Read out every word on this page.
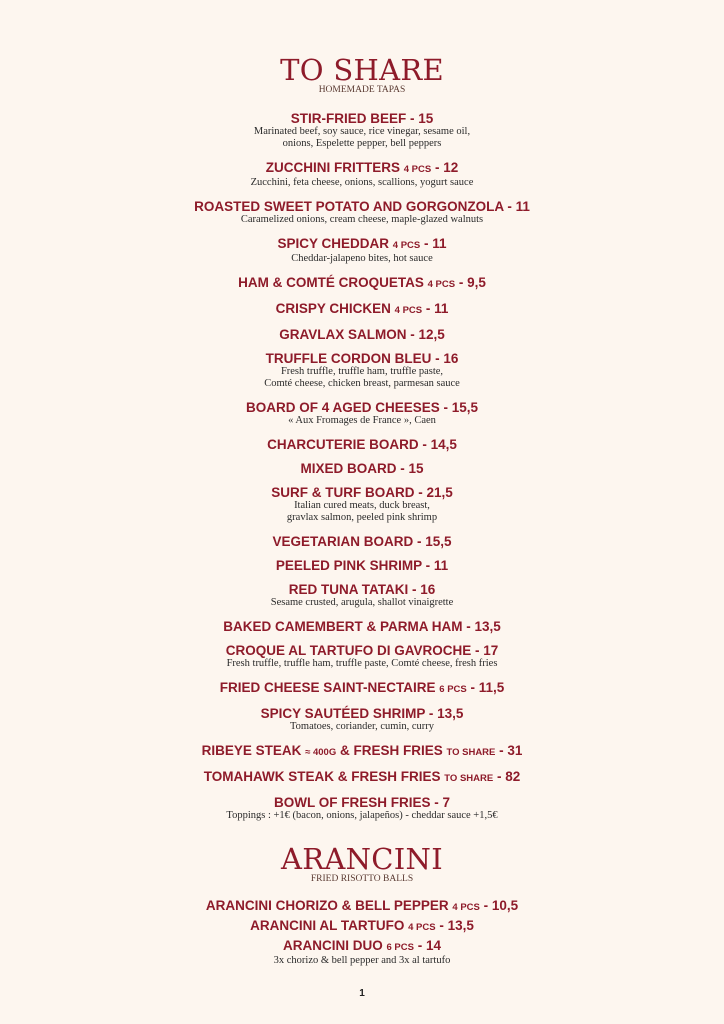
TO SHARE
HOMEMADE TAPAS
STIR-FRIED BEEF - 15
Marinated beef, soy sauce, rice vinegar, sesame oil,
onions, Espelette pepper, bell peppers
ZUCCHINI FRITTERS 4 PCS - 12
Zucchini, feta cheese, onions, scallions, yogurt sauce
ROASTED SWEET POTATO AND GORGONZOLA - 11
Caramelized onions, cream cheese, maple-glazed walnuts
SPICY CHEDDAR 4 PCS - 11
Cheddar-jalapeno bites, hot sauce
HAM & COMTÉ CROQUETAS 4 PCS - 9,5
CRISPY CHICKEN 4 PCS - 11
GRAVLAX SALMON - 12,5
TRUFFLE CORDON BLEU - 16
Fresh truffle, truffle ham, truffle paste,
Comté cheese, chicken breast, parmesan sauce
BOARD OF 4 AGED CHEESES - 15,5
« Aux Fromages de France », Caen
CHARCUTERIE BOARD - 14,5
MIXED BOARD - 15
SURF & TURF BOARD - 21,5
Italian cured meats, duck breast,
gravlax salmon, peeled pink shrimp
VEGETARIAN BOARD - 15,5
PEELED PINK SHRIMP - 11
RED TUNA TATAKI - 16
Sesame crusted, arugula, shallot vinaigrette
BAKED CAMEMBERT & PARMA HAM - 13,5
CROQUE AL TARTUFO DI GAVROCHE - 17
Fresh truffle, truffle ham, truffle paste, Comté cheese, fresh fries
FRIED CHEESE SAINT-NECTAIRE 6 PCS - 11,5
SPICY SAUTÉED SHRIMP - 13,5
Tomatoes, coriander, cumin, curry
RIBEYE STEAK ≈ 400G & FRESH FRIES TO SHARE - 31
TOMAHAWK STEAK & FRESH FRIES TO SHARE - 82
BOWL OF FRESH FRIES - 7
Toppings : +1€ (bacon, onions, jalapeños) - cheddar sauce +1,5€
ARANCINI
FRIED RISOTTO BALLS
ARANCINI CHORIZO & BELL PEPPER 4 PCS - 10,5
ARANCINI AL TARTUFO 4 PCS - 13,5
ARANCINI DUO 6 PCS - 14
3x chorizo & bell pepper and 3x al tartufo
1
